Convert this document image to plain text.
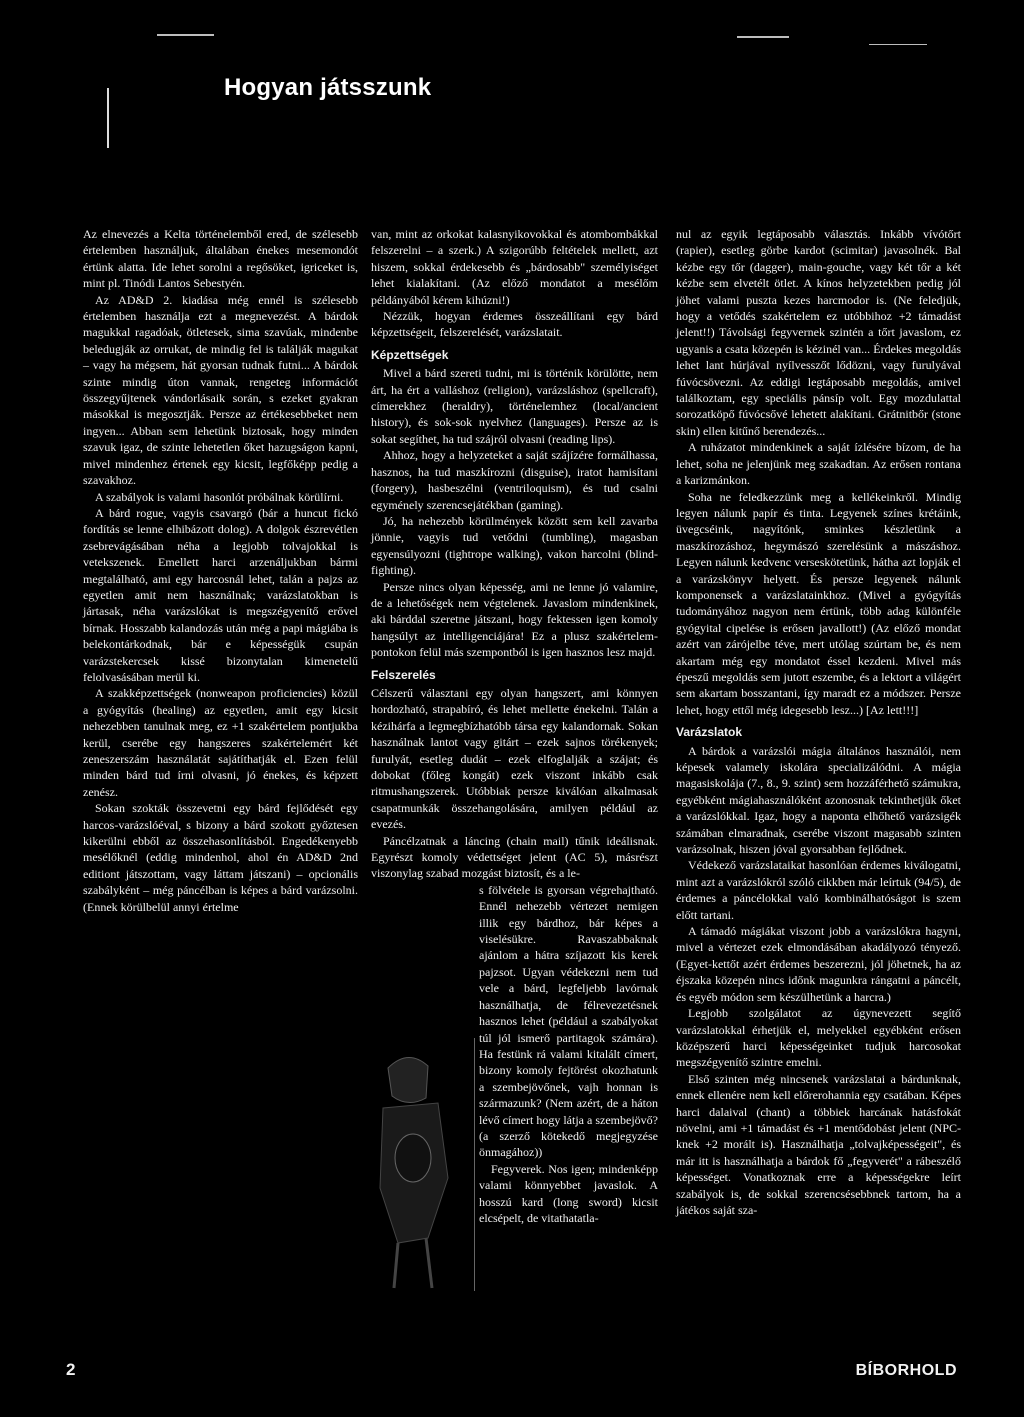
Hogyan játsszunk

Az elnevezés a Kelta történelemből ered, de szélesebb értelemben használjuk, általában énekes mesemondót értünk alatta. Ide lehet sorolni a regősöket, igriceket is, mint pl. Tinódi Lantos Sebestyén.

Az AD&D 2. kiadása még ennél is szélesebb értelemben használja ezt a megnevezést. A bárdok magukkal ragadóak, ötletesek, sima szavúak, mindenbe beledugják az orrukat, de mindig fel is találják magukat – vagy ha mégsem, hát gyorsan tudnak futni... A bárdok szinte mindig úton vannak, rengeteg információt összegyűjtenek vándorlásaik során, s ezeket gyakran másokkal is megosztják. Persze az értékesebbeket nem ingyen... Abban sem lehetünk biztosak, hogy minden szavuk igaz, de szinte lehetetlen őket hazugságon kapni, mivel mindenhez értenek egy kicsit, legfőképp pedig a szavakhoz.

A szabályok is valami hasonlót próbálnak körülírni.

A bárd rogue, vagyis csavargó (bár a huncut fickó fordítás se lenne elhibázott dolog). A dolgok észrevétlen zsebrevágásában néha a legjobb tolvajokkal is vetekszenek. Emellett harci arzenáljukban bármi megtalálható, ami egy harcosnál lehet, talán a pajzs az egyetlen amit nem használnak; varázslatokban is jártasak, néha varázslókat is megszégyenítő erővel bírnak. Hosszabb kalandozás után még a papi mágiába is belekontárkodnak, bár e képességük csupán varázstekercsek kissé bizonytalan kimenetelű felolvasásában merül ki.

A szakképzettségek (nonweapon proficiencies) közül a gyógyítás (healing) az egyetlen, amit egy kicsit nehezebben tanulnak meg, ez +1 szakértelem pontjukba kerül, cserébe egy hangszeres szakértelemért két zeneszerszám használatát sajátíthatják el. Ezen felül minden bárd tud írni olvasni, jó énekes, és képzett zenész.

Sokan szokták összevetni egy bárd fejlődését egy harcos-varázslóéval, s bizony a bárd szokott győztesen kikerülni ebből az összehasonlításból. Engedékenyebb mesélőknél (eddig mindenhol, ahol én AD&D 2nd editiont játszottam, vagy láttam játszani) – opcionális szabályként – még páncélban is képes a bárd varázsolni. (Ennek körülbelül annyi értelme

van, mint az orkokat kalasnyikovokkal és atombombákkal felszerelni – a szerk.) A szigorúbb feltételek mellett, azt hiszem, sokkal érdekesebb és „bárdosabb" személyiséget lehet kialakítani. (Az előző mondatot a mesélőm példányából kérem kihúzni!)

Nézzük, hogyan érdemes összeállítani egy bárd képzettségeit, felszerelését, varázslatait.

Képzettségek

Mivel a bárd szereti tudni, mi is történik körülötte, nem árt, ha ért a valláshoz (religion), varázsláshoz (spellcraft), címerekhez (heraldry), történelemhez (local/ancient history), és sok-sok nyelvhez (languages). Persze az is sokat segíthet, ha tud szájról olvasni (reading lips).

Ahhoz, hogy a helyzeteket a saját szájízére formálhassa, hasznos, ha tud maszkírozni (disguise), iratot hamisítani (forgery), hasbeszélni (ventriloquism), és tud csalni egyménely szerencsejátékban (gaming).

Jó, ha nehezebb körülmények között sem kell zavarba jönnie, vagyis tud vetődni (tumbling), magasban egyensúlyozni (tightrope walking), vakon harcolni (blind-fighting).

Persze nincs olyan képesség, ami ne lenne jó valamire, de a lehetőségek nem végtelenek. Javaslom mindenkinek, aki bárddal szeretne játszani, hogy fektessen igen komoly hangsúlyt az intelligenciájára! Ez a plusz szakértelem-pontokon felül más szempontból is igen hasznos lesz majd.

Felszerelés

Célszerű választani egy olyan hangszert, ami könnyen hordozható, strapabíró, és lehet mellette énekelni. Talán a kézihárfa a legmegbízhatóbb társa egy kalandornak. Sokan használnak lantot vagy gitárt – ezek sajnos törékenyek; furulyát, esetleg dudát – ezek elfoglalják a szájat; és dobokat (főleg kongát) ezek viszont inkább csak ritmushangszerek. Utóbbiak persze kiválóan alkalmasak csapatmunkák összehangolására, amilyen például az evezés.

Páncélzatnak a láncing (chain mail) tűnik ideálisnak. Egyrészt komoly védettséget jelent (AC 5), másrészt viszonylag szabad mozgást biztosít, és a le-

s fölvétele is gyorsan végrehajtható. Ennél nehezebb vértezet nemigen illik egy bárdhoz, bár képes a viselésükre. Ravaszabbaknak ajánlom a hátra szíjazott kis kerek pajzsot. Ugyan védekezni nem tud vele a bárd, legfeljebb lavórnak használhatja, de félrevezetésnek hasznos lehet (például a szabályokat túl jól ismerő partitagok számára). Ha festünk rá valami kitalált címert, bizony komoly fejtörést okozhatunk a szembejövőnek, vajh honnan is származunk? (Nem azért, de a háton lévő címert hogy látja a szembejövő? (a szerző kötekedő megjegyzése önmagához))

Fegyverek. Nos igen; mindenképp valami könnyebbet javaslok. A hosszú kard (long sword) kicsit elcsépelt, de vitathatatla-

nul az egyik legtáposabb választás. Inkább vívótőrt (rapier), esetleg görbe kardot (scimitar) javasolnék. Bal kézbe egy tőr (dagger), main-gouche, vagy két tőr a két kézbe sem elvetélt ötlet. A kínos helyzetekben pedig jól jöhet valami puszta kezes harcmodor is. (Ne feledjük, hogy a vetődés szakértelem ez utóbbihoz +2 támadást jelent!!) Távolsági fegyvernek szintén a tőrt javaslom, ez ugyanis a csata közepén is kézinél van... Érdekes megoldás lehet lant húrjával nyílvesszőt lődözni, vagy furulyával fúvócsövezni. Az eddigi legtáposabb megoldás, amivel találkoztam, egy speciális pánsíp volt. Egy mozdulattal sorozatköpő fúvócsővé lehetett alakítani. Grátnitbőr (stone skin) ellen kitűnő berendezés...

A ruházatot mindenkinek a saját ízlésére bízom, de ha lehet, soha ne jelenjünk meg szakadtan. Az erősen rontana a karizmánkon.

Soha ne feledkezzünk meg a kellékeinkről. Mindig legyen nálunk papír és tinta. Legyenek színes krétáink, üvegcséink, nagyítónk, sminkes készletünk a maszkírozáshoz, hegymászó szerelésünk a mászáshoz. Legyen nálunk kedvenc verseskötetünk, hátha azt lopják el a varázskönyv helyett. És persze legyenek nálunk komponensek a varázslatainkhoz. (Mivel a gyógyítás tudományához nagyon nem értünk, több adag különféle gyógyital cipelése is erősen javallott!) (Az előző mondat azért van zárójelbe téve, mert utólag szúrtam be, és nem akartam még egy mondatot éssel kezdeni. Mivel más épeszű megoldás sem jutott eszembe, és a lektort a világért sem akartam bosszantani, így maradt ez a módszer. Persze lehet, hogy ettől még idegesebb lesz...) [Az lett!!!]

Varázslatok

A bárdok a varázslói mágia általános használói, nem képesek valamely iskolára specializálódni. A mágia magasiskolája (7., 8., 9. szint) sem hozzáférhető számukra, egyébként mágiahasználóként azonosnak tekinthetjük őket a varázslókkal. Igaz, hogy a naponta elhőhető varázsigék számában elmaradnak, cserébe viszont magasabb szinten varázsolnak, hiszen jóval gyorsabban fejlődnek.

Védekező varázslataikat hasonlóan érdemes kiválogatni, mint azt a varázslókról szóló cikkben már leírtuk (94/5), de érdemes a páncélokkal való kombinálhatóságot is szem előtt tartani.

A támadó mágiákat viszont jobb a varázslókra hagyni, mivel a vértezet ezek elmondásában akadályozó tényező. (Egyet-kettőt azért érdemes beszerezni, jól jöhetnek, ha az éjszaka közepén nincs időnk magunkra rángatni a páncélt, és egyéb módon sem készülhetünk a harcra.)

Legjobb szolgálatot az úgynevezett segítő varázslatokkal érhetjük el, melyekkel egyébként erősen középszerű harci képességeinket tudjuk harcosokat megszégyenítő szintre emelni.

Első szinten még nincsenek varázslatai a bárdunknak, ennek ellenére nem kell előrerohannia egy csatában. Képes harci dalaival (chant) a többiek harcának hatásfokát növelni, ami +1 támadást és +1 mentődobást jelent (NPC-knek +2 morált is). Használhatja „tolvajképességeit", és már itt is használhatja a bárdok fő „fegyverét" a rábeszélő képességet. Vonatkoznak erre a képességekre leírt szabályok is, de sokkal szerencsésebbnek tartom, ha a játékos saját sza-

2	BÍBORHOLD
